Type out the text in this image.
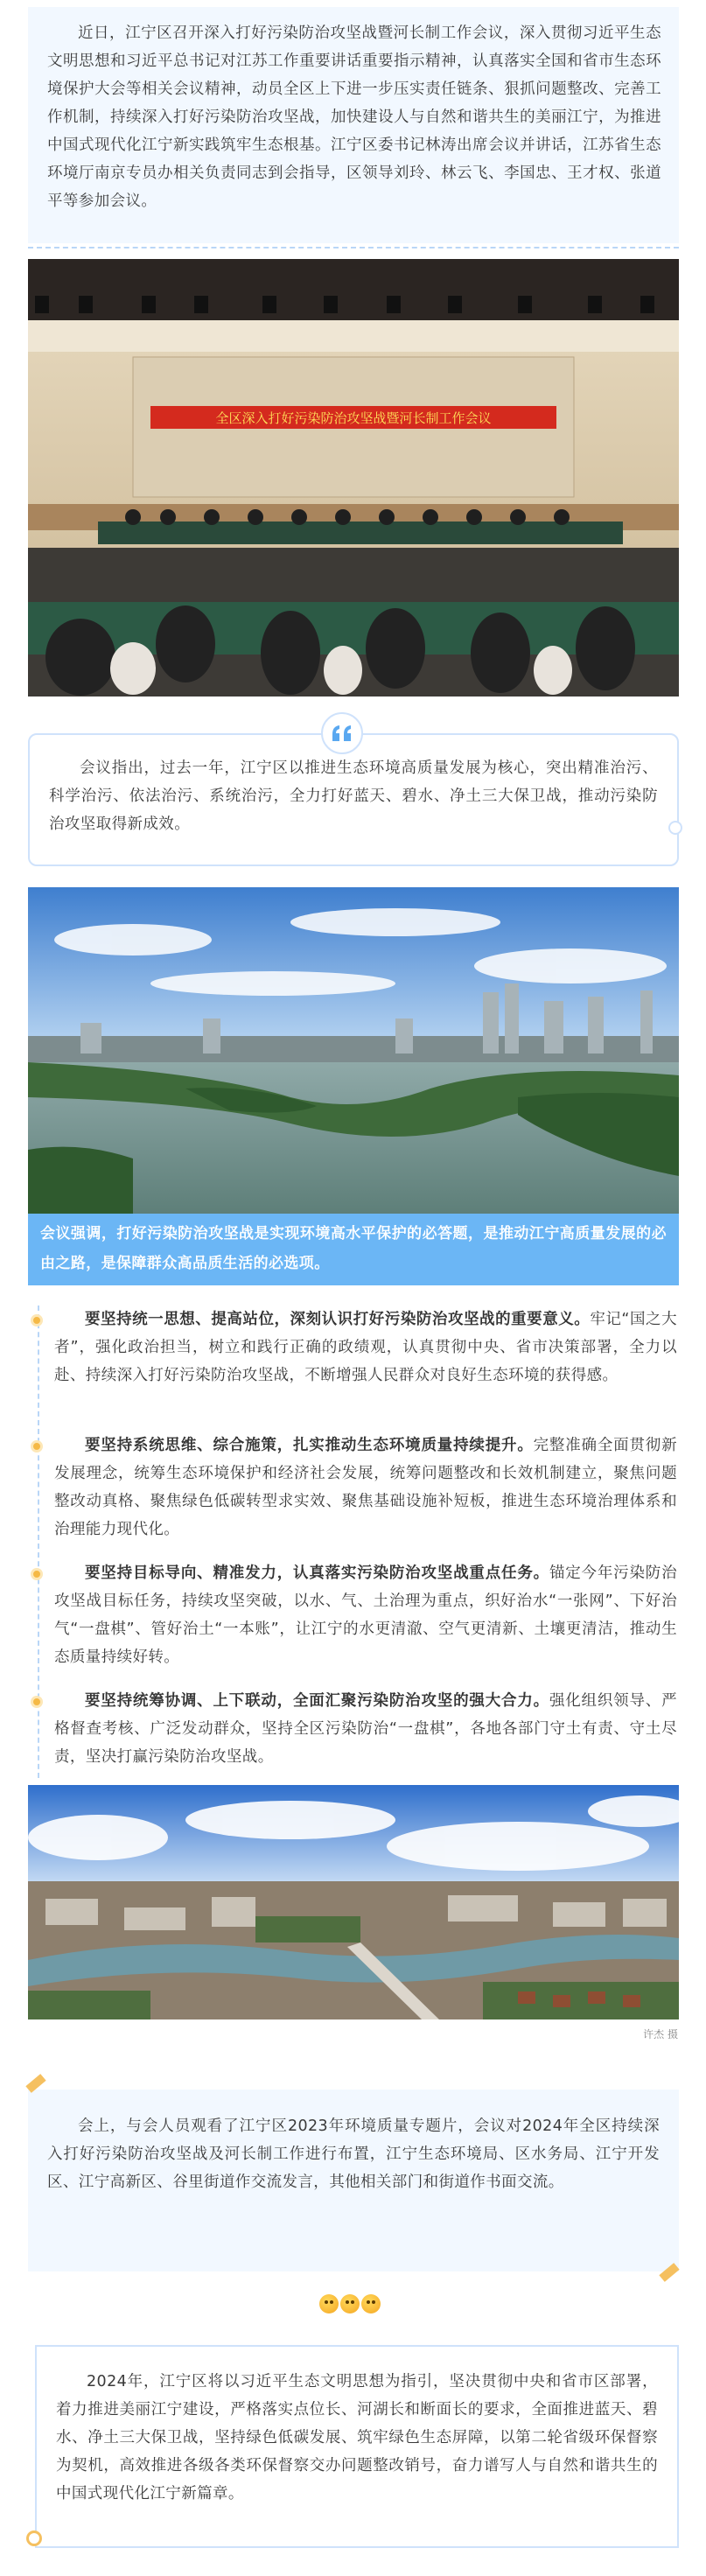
近日，江宁区召开深入打好污染防治攻坚战暨河长制工作会议，深入贯彻习近平生态文明思想和习近平总书记对江苏工作重要讲话重要指示精神，认真落实全国和省市生态环境保护大会等相关会议精神，动员全区上下进一步压实责任链条、狠抓问题整改、完善工作机制，持续深入打好污染防治攻坚战，加快建设人与自然和谐共生的美丽江宁，为推进中国式现代化江宁新实践筑牢生态根基。江宁区委书记林涛出席会议并讲话，江苏省生态环境厅南京专员办相关负责同志到会指导，区领导刘玲、林云飞、李国忠、王才权、张道平等参加会议。

全区深入打好污染防治攻坚战暨河长制工作会议

会议指出，过去一年，江宁区以推进生态环境高质量发展为核心，突出精准治污、科学治污、依法治污、系统治污，全力打好蓝天、碧水、净土三大保卫战，推动污染防治攻坚取得新成效。

会议强调，打好污染防治攻坚战是实现环境高水平保护的必答题，是推动江宁高质量发展的必由之路，是保障群众高品质生活的必选项。

要坚持统一思想、提高站位，深刻认识打好污染防治攻坚战的重要意义。牢记“国之大者”，强化政治担当，树立和践行正确的政绩观，认真贯彻中央、省市决策部署，全力以赴、持续深入打好污染防治攻坚战，不断增强人民群众对良好生态环境的获得感。

要坚持系统思维、综合施策，扎实推动生态环境质量持续提升。完整准确全面贯彻新发展理念，统筹生态环境保护和经济社会发展，统筹问题整改和长效机制建立，聚焦问题整改动真格、聚焦绿色低碳转型求实效、聚焦基础设施补短板，推进生态环境治理体系和治理能力现代化。

要坚持目标导向、精准发力，认真落实污染防治攻坚战重点任务。锚定今年污染防治攻坚战目标任务，持续攻坚突破，以水、气、土治理为重点，织好治水“一张网”、下好治气“一盘棋”、管好治土“一本账”，让江宁的水更清澈、空气更清新、土壤更清洁，推动生态质量持续好转。

要坚持统筹协调、上下联动，全面汇聚污染防治攻坚的强大合力。强化组织领导、严格督查考核、广泛发动群众，坚持全区污染防治“一盘棋”，各地各部门守土有责、守土尽责，坚决打赢污染防治攻坚战。

许杰 摄

会上，与会人员观看了江宁区2023年环境质量专题片，会议对2024年全区持续深入打好污染防治攻坚战及河长制工作进行布置，江宁生态环境局、区水务局、江宁开发区、江宁高新区、谷里街道作交流发言，其他相关部门和街道作书面交流。

2024年，江宁区将以习近平生态文明思想为指引，坚决贯彻中央和省市区部署，着力推进美丽江宁建设，严格落实点位长、河湖长和断面长的要求，全面推进蓝天、碧水、净土三大保卫战，坚持绿色低碳发展、筑牢绿色生态屏障，以第二轮省级环保督察为契机，高效推进各级各类环保督察交办问题整改销号，奋力谱写人与自然和谐共生的中国式现代化江宁新篇章。
